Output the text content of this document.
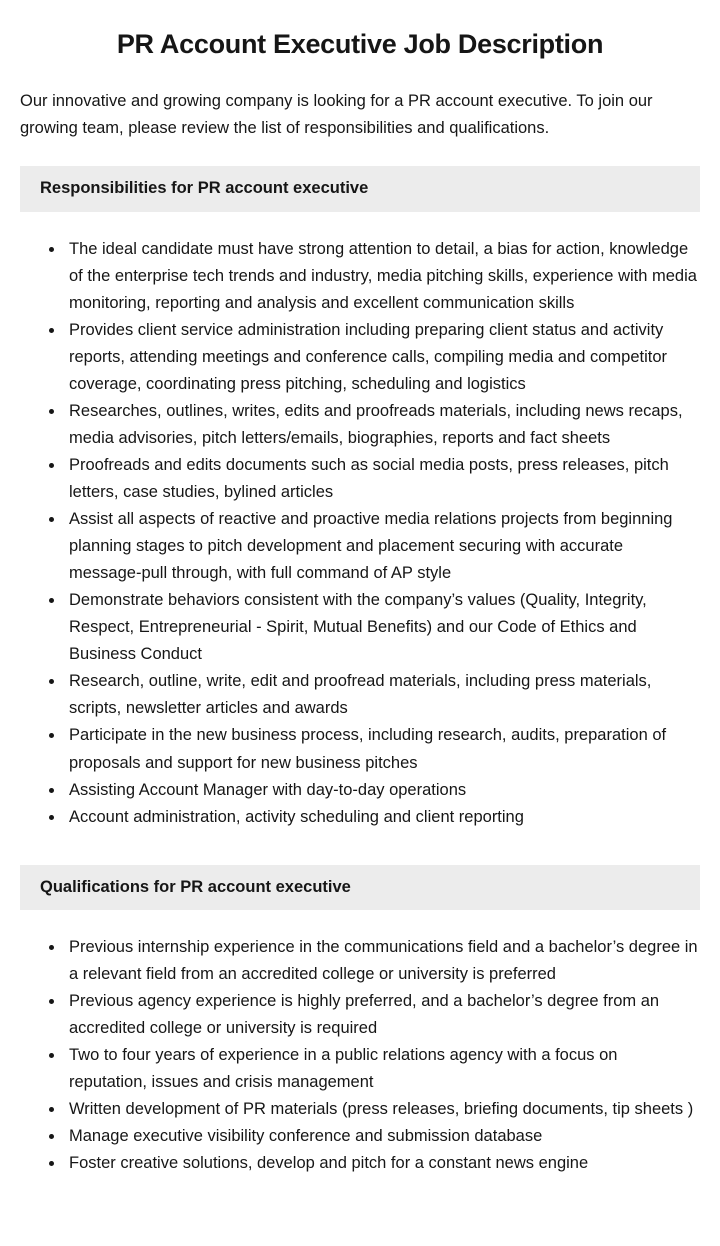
PR Account Executive Job Description

Our innovative and growing company is looking for a PR account executive. To join our growing team, please review the list of responsibilities and qualifications.

Responsibilities for PR account executive
• The ideal candidate must have strong attention to detail, a bias for action, knowledge of the enterprise tech trends and industry, media pitching skills, experience with media monitoring, reporting and analysis and excellent communication skills
• Provides client service administration including preparing client status and activity reports, attending meetings and conference calls, compiling media and competitor coverage, coordinating press pitching, scheduling and logistics
• Researches, outlines, writes, edits and proofreads materials, including news recaps, media advisories, pitch letters/emails, biographies, reports and fact sheets
• Proofreads and edits documents such as social media posts, press releases, pitch letters, case studies, bylined articles
• Assist all aspects of reactive and proactive media relations projects from beginning planning stages to pitch development and placement securing with accurate message-pull through, with full command of AP style
• Demonstrate behaviors consistent with the company’s values (Quality, Integrity, Respect, Entrepreneurial - Spirit, Mutual Benefits) and our Code of Ethics and Business Conduct
• Research, outline, write, edit and proofread materials, including press materials, scripts, newsletter articles and awards
• Participate in the new business process, including research, audits, preparation of proposals and support for new business pitches
• Assisting Account Manager with day-to-day operations
• Account administration, activity scheduling and client reporting
Qualifications for PR account executive
• Previous internship experience in the communications field and a bachelor’s degree in a relevant field from an accredited college or university is preferred
• Previous agency experience is highly preferred, and a bachelor’s degree from an accredited college or university is required
• Two to four years of experience in a public relations agency with a focus on reputation, issues and crisis management
• Written development of PR materials (press releases, briefing documents, tip sheets )
• Manage executive visibility conference and submission database
• Foster creative solutions, develop and pitch for a constant news engine
